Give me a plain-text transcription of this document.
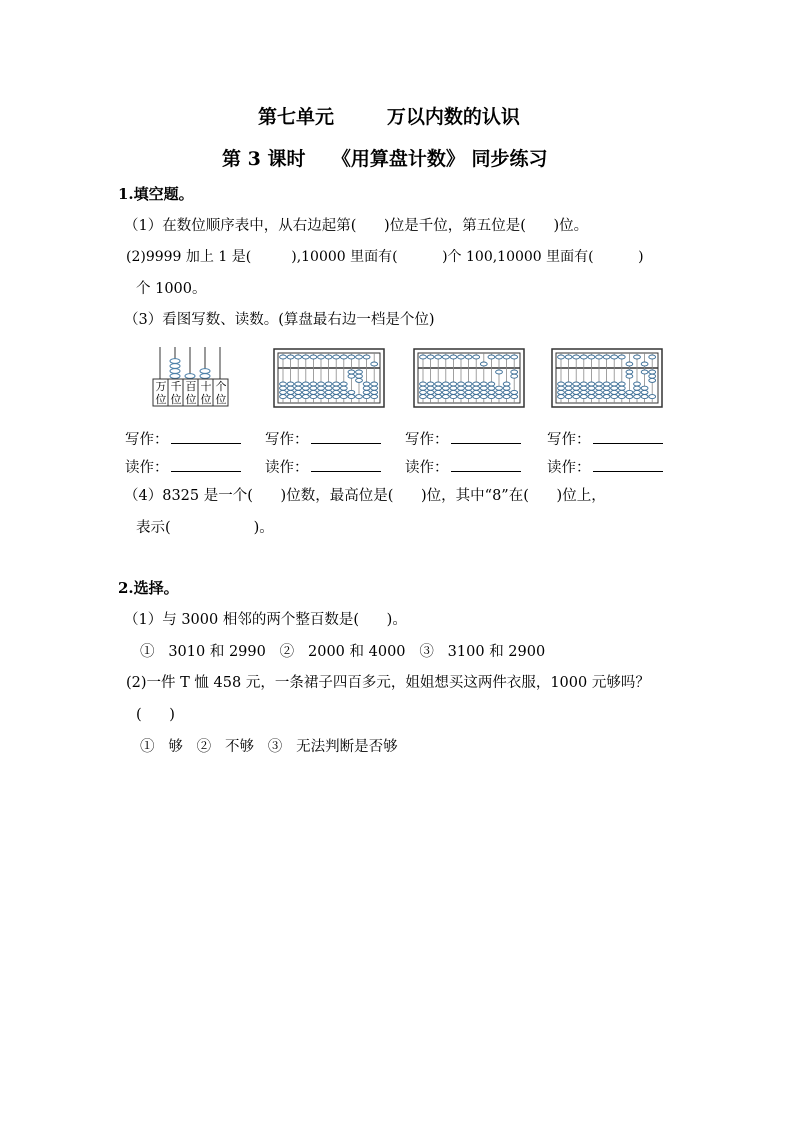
第七单元        万以内数的认识
第 3 课时    《用算盘计数》 同步练习
1.填空题。
（1）在数位顺序表中，从右边起第(      )位是千位，第五位是(      )位。
(2)9999 加上 1 是(         ),10000 里面有(          )个 100,10000 里面有(          )
个 1000。
（3）看图写数、读数。(算盘最右边一档是个位)
万位
千位
百位
十位
个位
写作：	写作：	写作：	写作：
读作：	读作：	读作：	读作：
（4）8325 是一个(      )位数，最高位是(      )位，其中“8”在(      )位上，
表示(                  )。
2.选择。
（1）与 3000 相邻的两个整百数是(      )。
①   3010 和 2990   ②   2000 和 4000   ③   3100 和 2900
(2)一件 T 恤 458 元，一条裙子四百多元，姐姐想买这两件衣服，1000 元够吗？
(      )
①   够   ②   不够   ③   无法判断是否够
